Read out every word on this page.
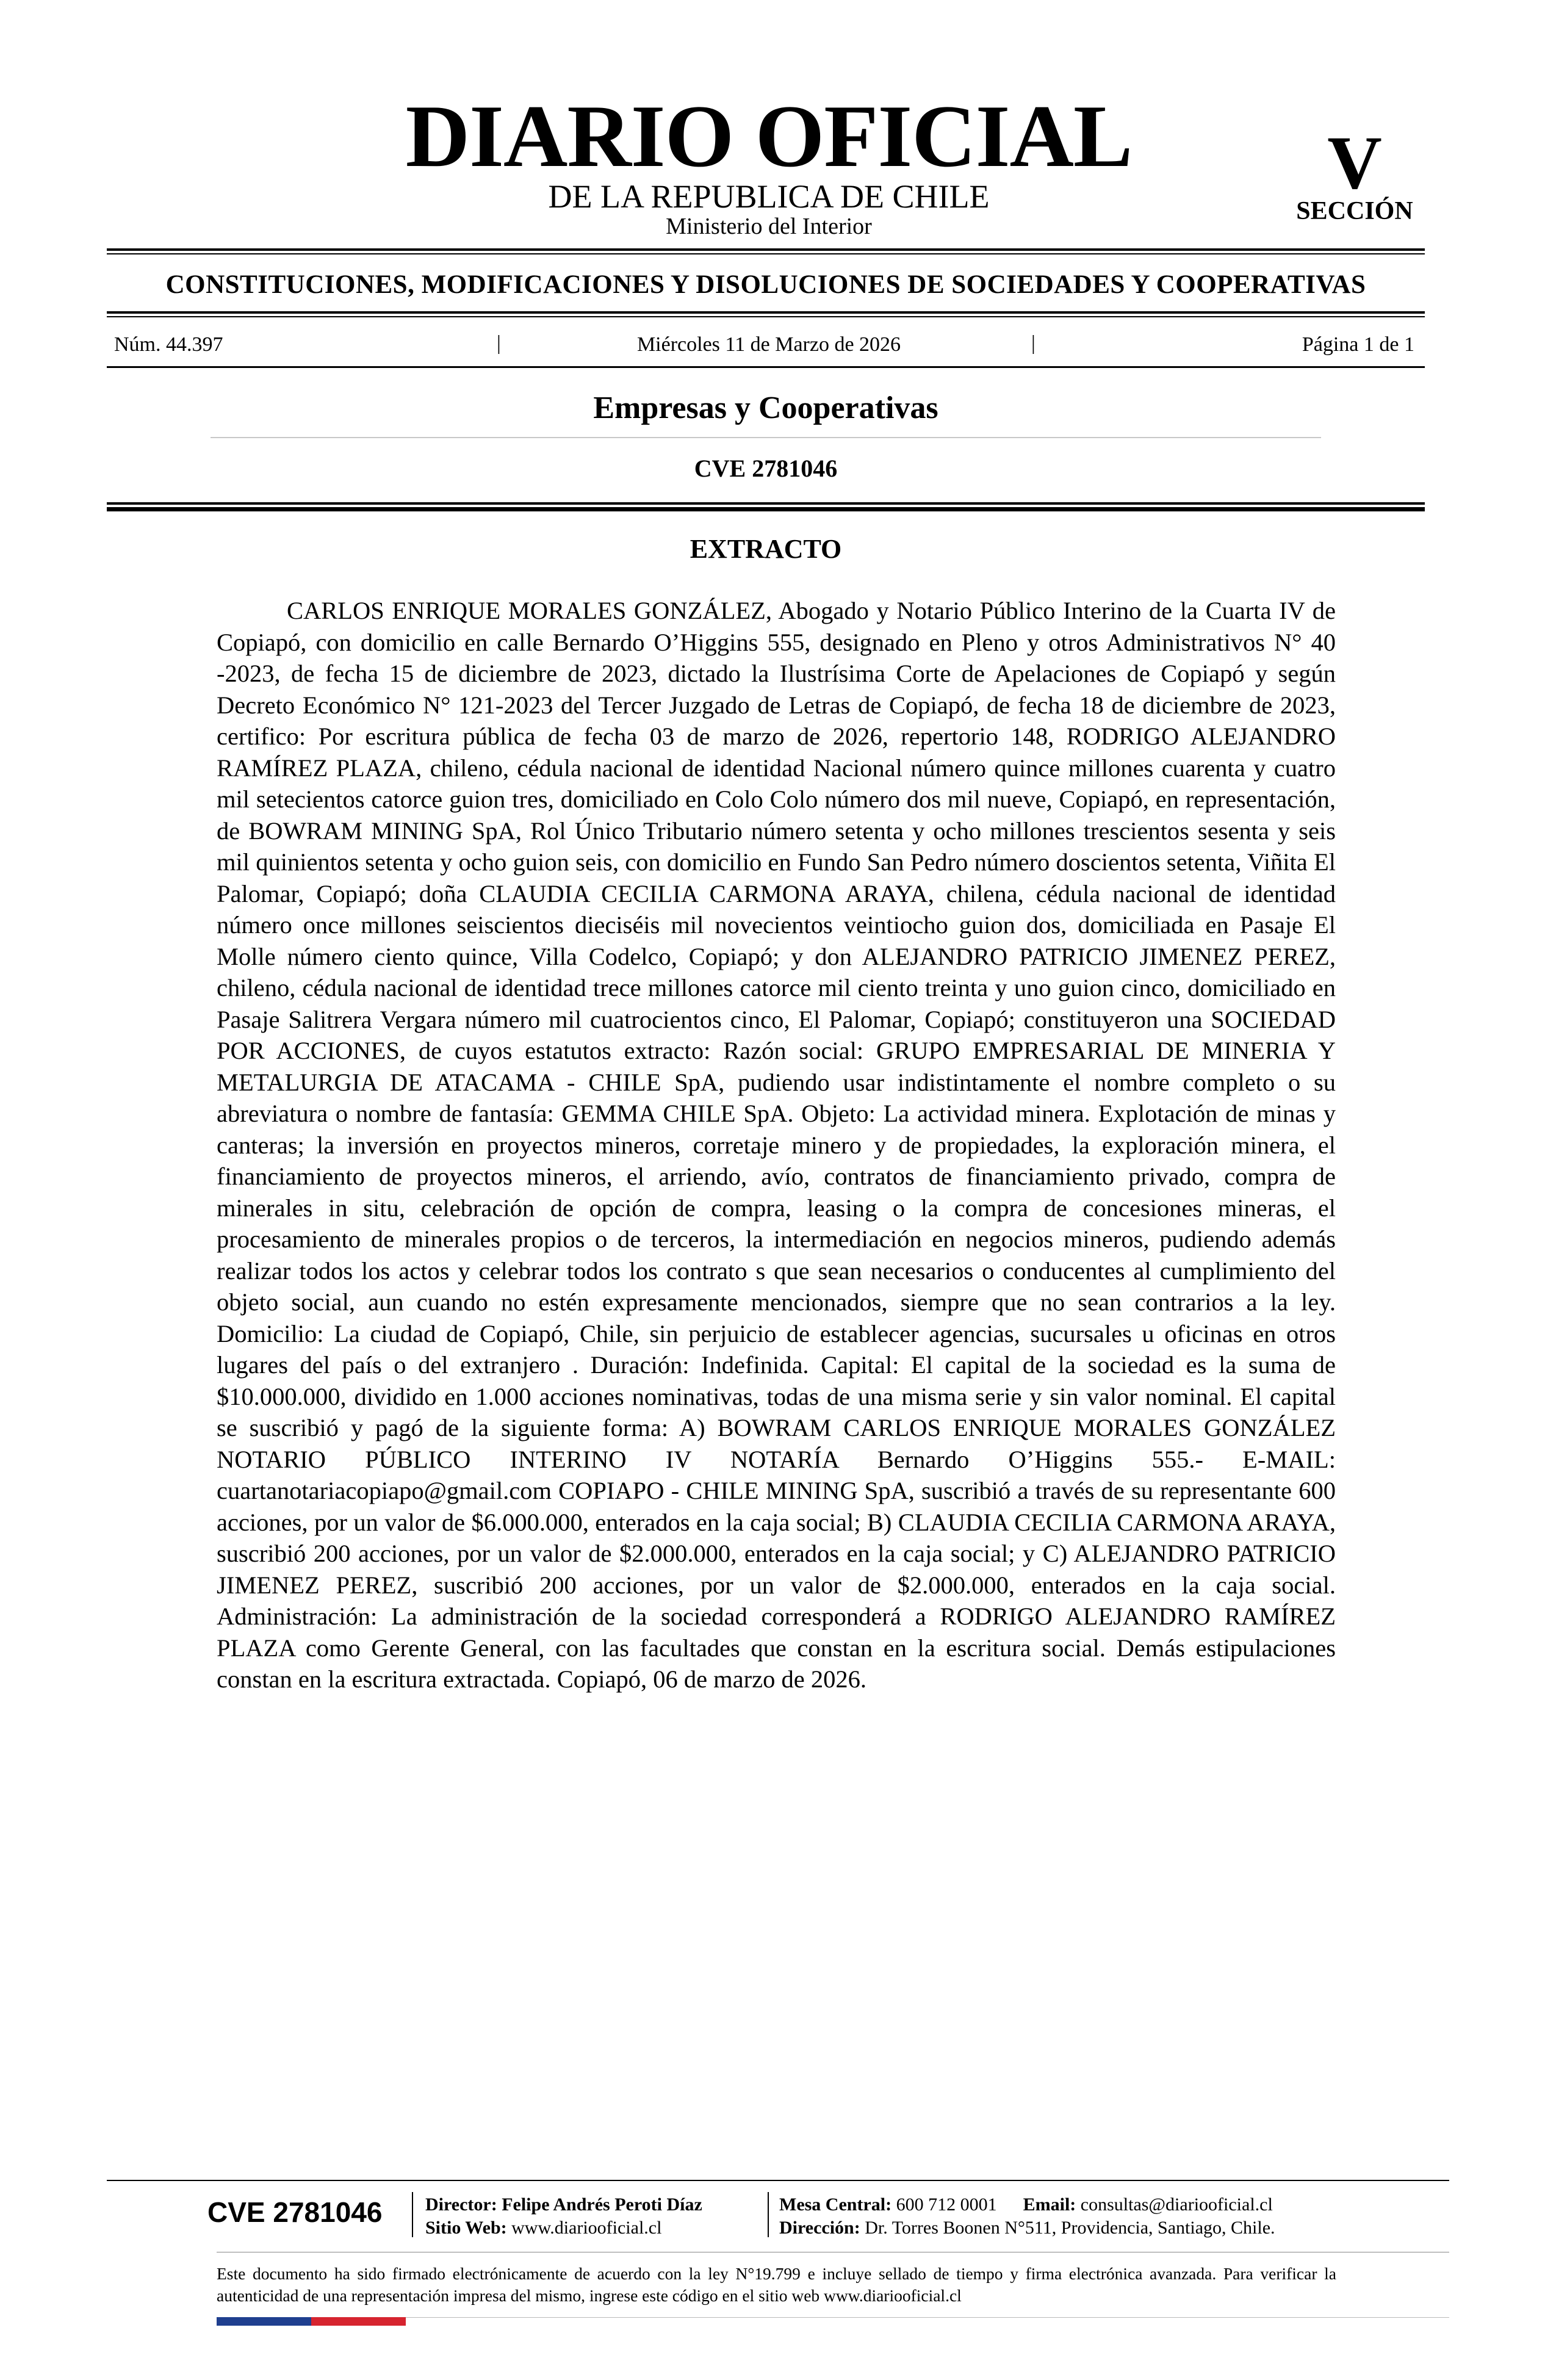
DIARIO OFICIAL
DE LA REPUBLICA DE CHILE
Ministerio del Interior
V
SECCIÓN
CONSTITUCIONES, MODIFICACIONES Y DISOLUCIONES DE SOCIEDADES Y COOPERATIVAS
Núm. 44.397	|	Miércoles 11 de Marzo de 2026	|	Página 1 de 1
Empresas y Cooperativas
CVE 2781046
EXTRACTO

CARLOS ENRIQUE MORALES GONZÁLEZ, Abogado y Notario Público Interino de la Cuarta IV de Copiapó, con domicilio en calle Bernardo O’Higgins 555, designado en Pleno y otros Administrativos N° 40 -2023, de fecha 15 de diciembre de 2023, dictado la Ilustrísima Corte de Apelaciones de Copiapó y según Decreto Económico N° 121-2023 del Tercer Juzgado de Letras de Copiapó, de fecha 18 de diciembre de 2023, certifico: Por escritura pública de fecha 03 de marzo de 2026, repertorio 148, RODRIGO ALEJANDRO RAMÍREZ PLAZA, chileno, cédula nacional de identidad Nacional número quince millones cuarenta y cuatro mil setecientos catorce guion tres, domiciliado en Colo Colo número dos mil nueve, Copiapó, en representación, de BOWRAM MINING SpA, Rol Único Tributario número setenta y ocho millones trescientos sesenta y seis mil quinientos setenta y ocho guion seis, con domicilio en Fundo San Pedro número doscientos setenta, Viñita El Palomar, Copiapó; doña CLAUDIA CECILIA CARMONA ARAYA, chilena, cédula nacional de identidad número once millones seiscientos dieciséis mil novecientos veintiocho guion dos, domiciliada en Pasaje El Molle número ciento quince, Villa Codelco, Copiapó; y don ALEJANDRO PATRICIO JIMENEZ PEREZ, chileno, cédula nacional de identidad trece millones catorce mil ciento treinta y uno guion cinco, domiciliado en Pasaje Salitrera Vergara número mil cuatrocientos cinco, El Palomar, Copiapó; constituyeron una SOCIEDAD POR ACCIONES, de cuyos estatutos extracto: Razón social: GRUPO EMPRESARIAL DE MINERIA Y METALURGIA DE ATACAMA - CHILE SpA, pudiendo usar indistintamente el nombre completo o su abreviatura o nombre de fantasía: GEMMA CHILE SpA. Objeto: La actividad minera. Explotación de minas y canteras; la inversión en proyectos mineros, corretaje minero y de propiedades, la exploración minera, el financiamiento de proyectos mineros, el arriendo, avío, contratos de financiamiento privado, compra de minerales in situ, celebración de opción de compra, leasing o la compra de concesiones mineras, el procesamiento de minerales propios o de terceros, la intermediación en negocios mineros, pudiendo además realizar todos los actos y celebrar todos los contrato s que sean necesarios o conducentes al cumplimiento del objeto social, aun cuando no estén expresamente mencionados, siempre que no sean contrarios a la ley. Domicilio: La ciudad de Copiapó, Chile, sin perjuicio de establecer agencias, sucursales u oficinas en otros lugares del país o del extranjero . Duración: Indefinida. Capital: El capital de la sociedad es la suma de $10.000.000, dividido en 1.000 acciones nominativas, todas de una misma serie y sin valor nominal. El capital se suscribió y pagó de la siguiente forma: A) BOWRAM CARLOS ENRIQUE MORALES GONZÁLEZ NOTARIO PÚBLICO INTERINO IV NOTARÍA Bernardo O’Higgins 555.- E-MAIL: cuartanotariacopiapo@gmail.com COPIAPO - CHILE MINING SpA, suscribió a través de su representante 600 acciones, por un valor de $6.000.000, enterados en la caja social; B) CLAUDIA CECILIA CARMONA ARAYA, suscribió 200 acciones, por un valor de $2.000.000, enterados en la caja social; y C) ALEJANDRO PATRICIO JIMENEZ PEREZ, suscribió 200 acciones, por un valor de $2.000.000, enterados en la caja social. Administración: La administración de la sociedad corresponderá a RODRIGO ALEJANDRO RAMÍREZ PLAZA como Gerente General, con las facultades que constan en la escritura social. Demás estipulaciones constan en la escritura extractada. Copiapó, 06 de marzo de 2026.

CVE 2781046 Director: Felipe Andrés Peroti Díaz
Sitio Web: www.diariooficial.cl
Mesa Central: 600 712 0001 Email: consultas@diariooficial.cl
Dirección: Dr. Torres Boonen N°511, Providencia, Santiago, Chile.

Este documento ha sido firmado electrónicamente de acuerdo con la ley N°19.799 e incluye sellado de tiempo y firma electrónica avanzada. Para verificar la autenticidad de una representación impresa del mismo, ingrese este código en el sitio web www.diariooficial.cl
